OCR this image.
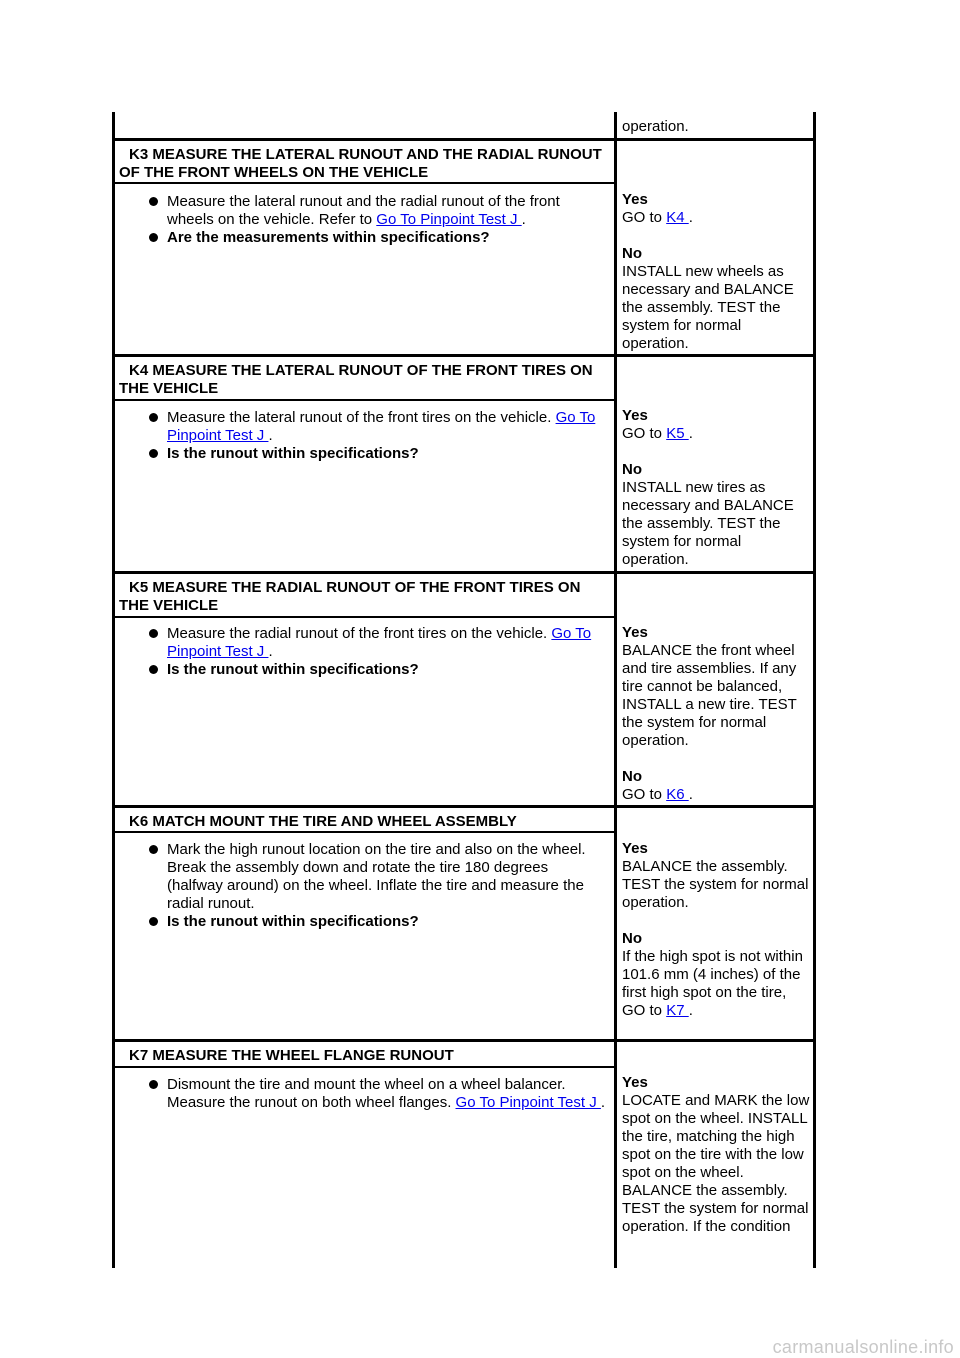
operation.
K3 MEASURE THE LATERAL RUNOUT AND THE RADIAL RUNOUT OF THE FRONT WHEELS ON THE VEHICLE
Measure the lateral runout and the radial runout of the front wheels on the vehicle. Refer to Go To Pinpoint Test J .
Are the measurements within specifications?

Yes

GO to K4 .

No

INSTALL new wheels as necessary and BALANCE the assembly. TEST the system for normal operation.

K4 MEASURE THE LATERAL RUNOUT OF THE FRONT TIRES ON THE VEHICLE
Measure the lateral runout of the front tires on the vehicle. Go To Pinpoint Test J .
Is the runout within specifications?

Yes

GO to K5 .

No

INSTALL new tires as necessary and BALANCE the assembly. TEST the system for normal operation.

K5 MEASURE THE RADIAL RUNOUT OF THE FRONT TIRES ON THE VEHICLE
Measure the radial runout of the front tires on the vehicle. Go To Pinpoint Test J .
Is the runout within specifications?

Yes

BALANCE the front wheel and tire assemblies. If any tire cannot be balanced, INSTALL a new tire. TEST the system for normal operation.

No

GO to K6 .

K6 MATCH MOUNT THE TIRE AND WHEEL ASSEMBLY
Mark the high runout location on the tire and also on the wheel. Break the assembly down and rotate the tire 180 degrees (halfway around) on the wheel. Inflate the tire and measure the radial runout.
Is the runout within specifications?

Yes

BALANCE the assembly. TEST the system for normal operation.

No

If the high spot is not within 101.6 mm (4 inches) of the first high spot on the tire, GO to K7 .

K7 MEASURE THE WHEEL FLANGE RUNOUT
Dismount the tire and mount the wheel on a wheel balancer. Measure the runout on both wheel flanges. Go To Pinpoint Test J .

Yes

LOCATE and MARK the low spot on the wheel. INSTALL the tire, matching the high spot on the tire with the low spot on the wheel. BALANCE the assembly. TEST the system for normal operation. If the condition

carmanualsonline.info
